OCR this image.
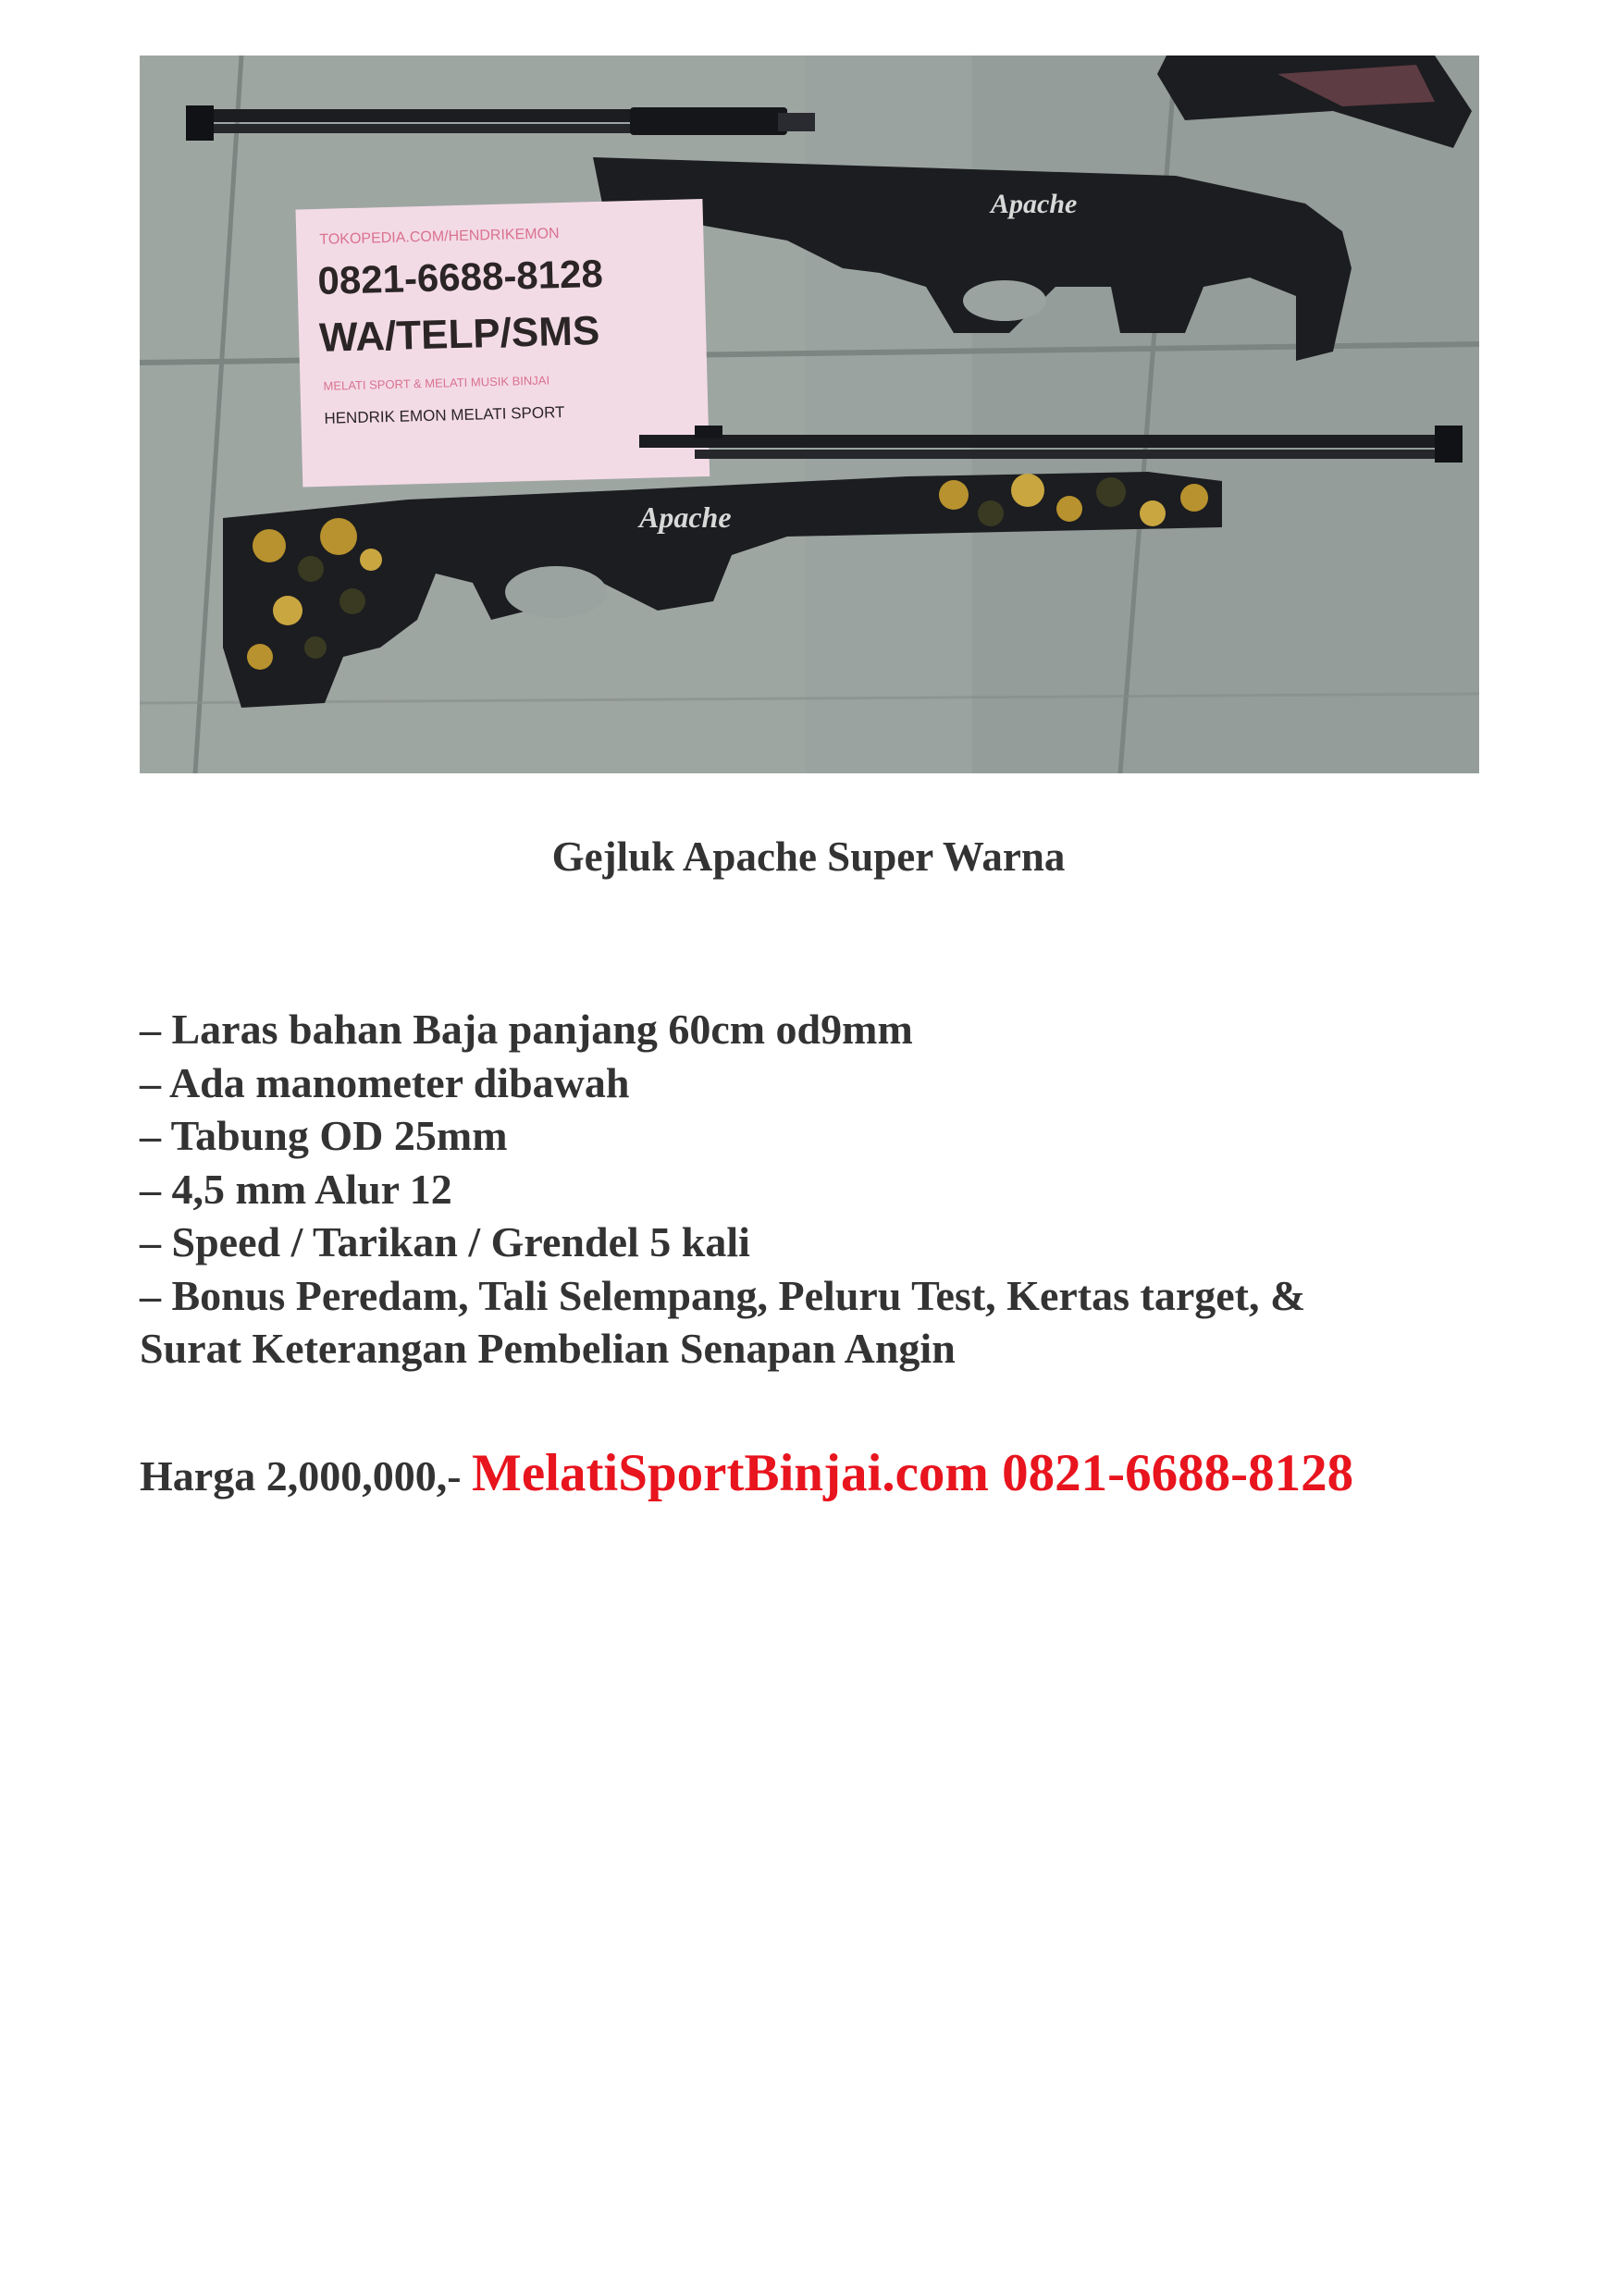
Apache
TOKOPEDIA.COM/HENDRIKEMON
0821-6688-8128
WA/TELP/SMS
MELATI SPORT & MELATI MUSIK BINJAI
HENDRIK EMON MELATI SPORT
Apache
Gejluk Apache Super Warna
– Laras bahan Baja panjang 60cm od9mm
– Ada manometer dibawah
– Tabung OD 25mm
– 4,5 mm Alur 12
– Speed / Tarikan / Grendel 5 kali
– Bonus Peredam, Tali Selempang, Peluru Test, Kertas target, &
Surat Keterangan Pembelian Senapan Angin
Harga 2,000,000,- MelatiSportBinjai.com 0821-6688-8128
